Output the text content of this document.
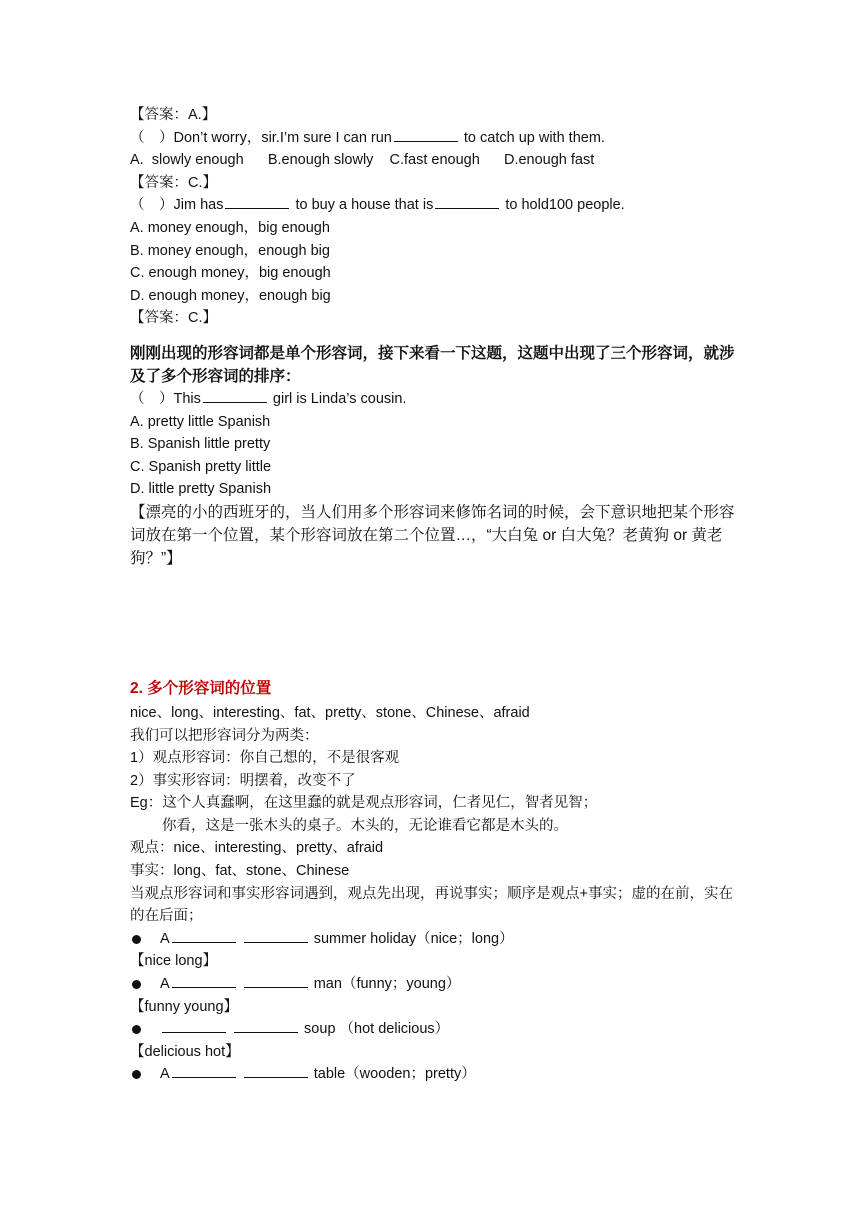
【答案：A.】
（　）Don’t worry，sir.I’m sure I can run	to catch up with them.
A.  slowly enough      B.enough slowly    C.fast enough      D.enough fast
【答案：C.】
（　）Jim has	to buy a house that is	to hold100 people.
A. money enough，big enough
B. money enough，enough big
C. enough money，big enough
D. enough money，enough big
【答案：C.】
刚刚出现的形容词都是单个形容词，接下来看一下这题，这题中出现了三个形容词，就涉及了多个形容词的排序：
（　）This	girl is Linda’s cousin.
A. pretty little Spanish
B. Spanish little pretty
C. Spanish pretty little
D. little pretty Spanish
【漂亮的小的西班牙的，当人们用多个形容词来修饰名词的时候，会下意识地把某个形容词放在第一个位置，某个形容词放在第二个位置…，“大白兔 or 白大兔？老黄狗 or 黄老狗？”】
2. 多个形容词的位置
nice、long、interesting、fat、pretty、stone、Chinese、afraid
我们可以把形容词分为两类：
1）观点形容词：你自己想的，不是很客观
2）事实形容词：明摆着，改变不了
Eg：这个人真蠢啊，在这里蠢的就是观点形容词，仁者见仁，智者见智；
你看，这是一张木头的桌子。木头的，无论谁看它都是木头的。
观点：nice、interesting、pretty、afraid
事实：long、fat、stone、Chinese
当观点形容词和事实形容词遇到，观点先出现，再说事实；顺序是观点+事实；虚的在前，实在的在后面；
A	summer holiday（nice；long）
【nice long】
A	man（funny；young）
【funny young】
soup （hot delicious）
【delicious hot】
A	table（wooden；pretty）
